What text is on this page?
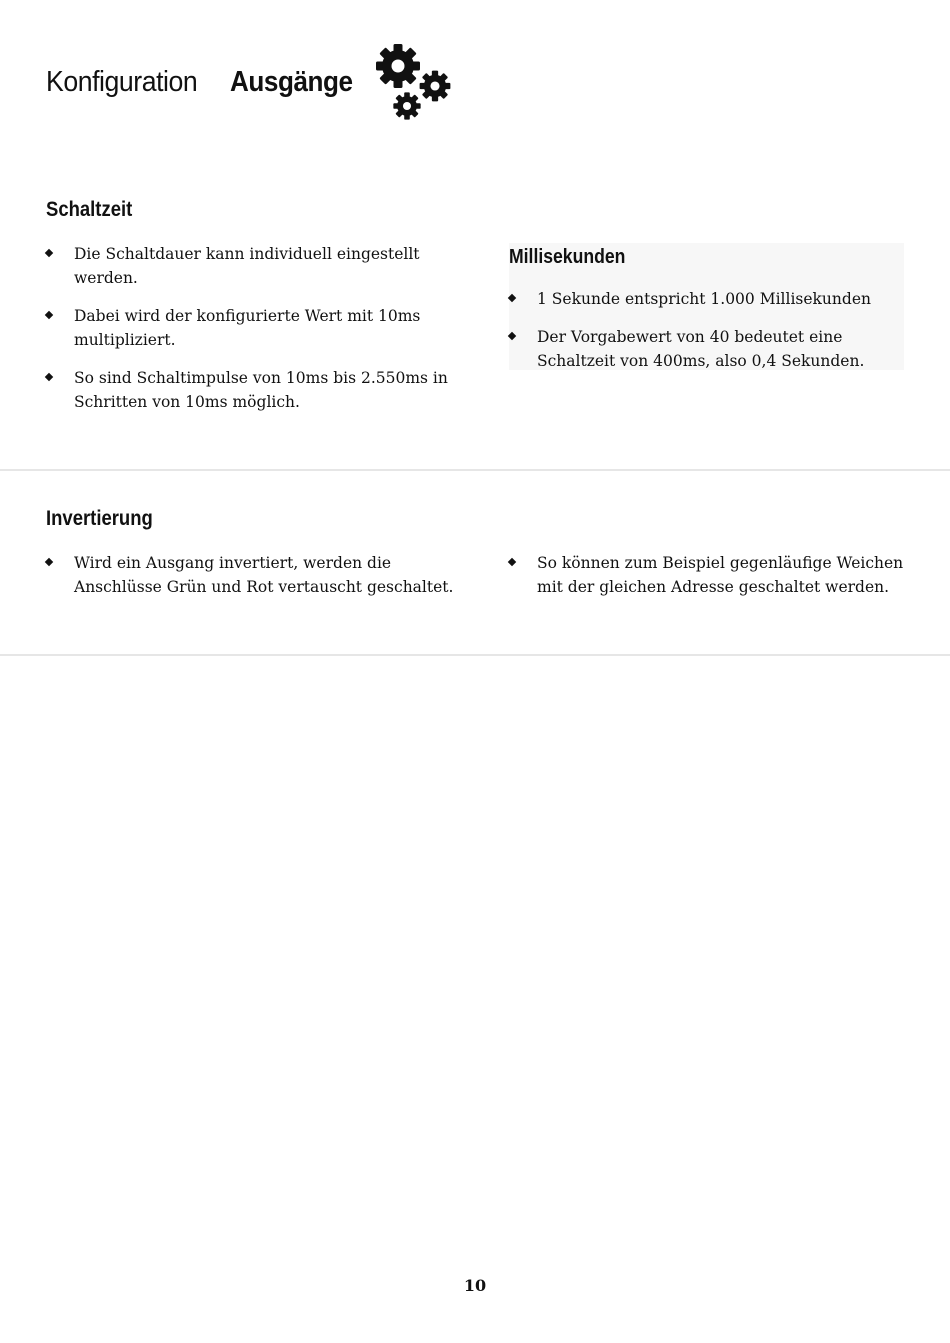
Konfiguration Ausgänge
Schaltzeit
Die Schaltdauer kann individuell eingestellt werden.
Dabei wird der konfigurierte Wert mit 10ms multipliziert.
So sind Schaltimpulse von 10ms bis 2.550ms in Schritten von 10ms möglich.
Millisekunden
1 Sekunde entspricht 1.000 Millisekunden
Der Vorgabewert von 40 bedeutet eine Schaltzeit von 400ms, also 0,4 Sekunden.
Invertierung
Wird ein Ausgang invertiert, werden die Anschlüsse Grün und Rot vertauscht geschaltet.
So können zum Beispiel gegenläufige Weichen mit der gleichen Adresse geschaltet werden.
10
